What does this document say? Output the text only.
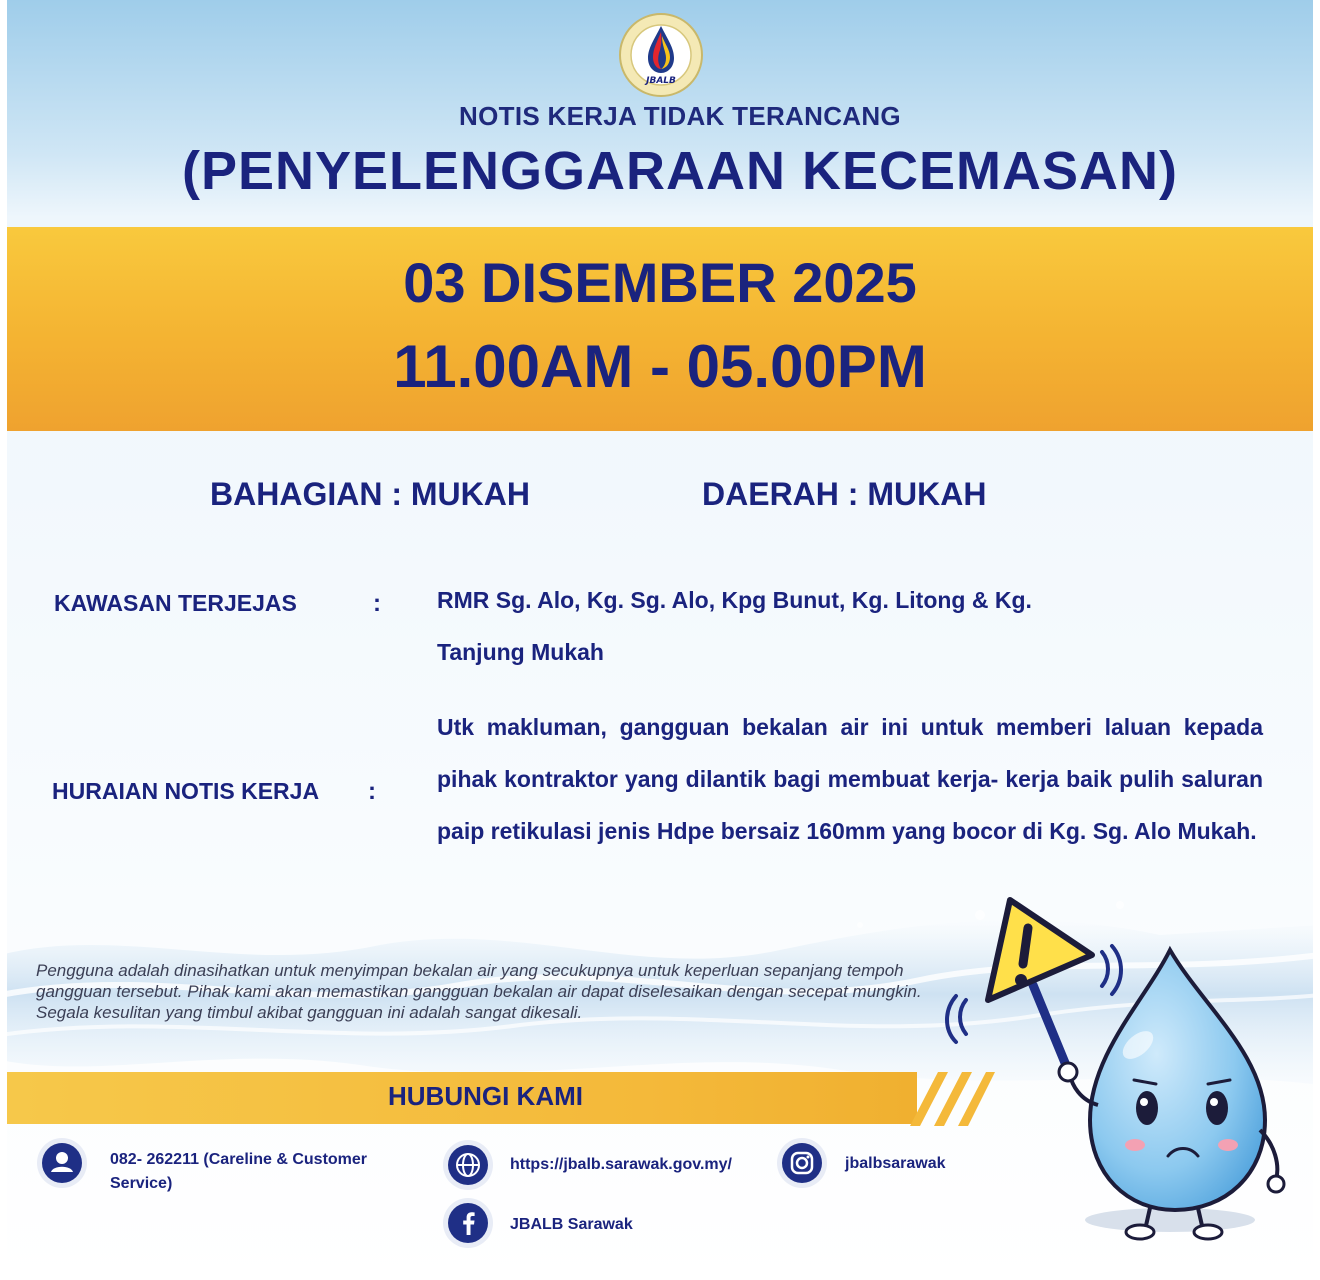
JBALB
NOTIS KERJA TIDAK TERANCANG
(PENYELENGGARAAN KECEMASAN)
03 DISEMBER 2025
11.00AM - 05.00PM
BAHAGIAN : MUKAH	DAERAH : MUKAH
KAWASAN TERJEJAS	: RMR Sg. Alo, Kg. Sg. Alo, Kpg Bunut, Kg. Litong & Kg. Tanjung Mukah
HURAIAN NOTIS KERJA :
Utk makluman, gangguan bekalan air ini untuk memberi laluan kepada pihak kontraktor yang dilantik bagi membuat kerja- kerja baik pulih saluran paip retikulasi jenis Hdpe bersaiz 160mm yang bocor di Kg. Sg. Alo Mukah.
Pengguna adalah dinasihatkan untuk menyimpan bekalan air yang secukupnya untuk keperluan sepanjang tempoh gangguan tersebut. Pihak kami akan memastikan gangguan bekalan air dapat diselesaikan dengan secepat mungkin. Segala kesulitan yang timbul akibat gangguan ini adalah sangat dikesali.
HUBUNGI KAMI
082- 262211 (Careline & Customer Service)
https://jbalb.sarawak.gov.my/	jbalbsarawak
JBALB Sarawak
